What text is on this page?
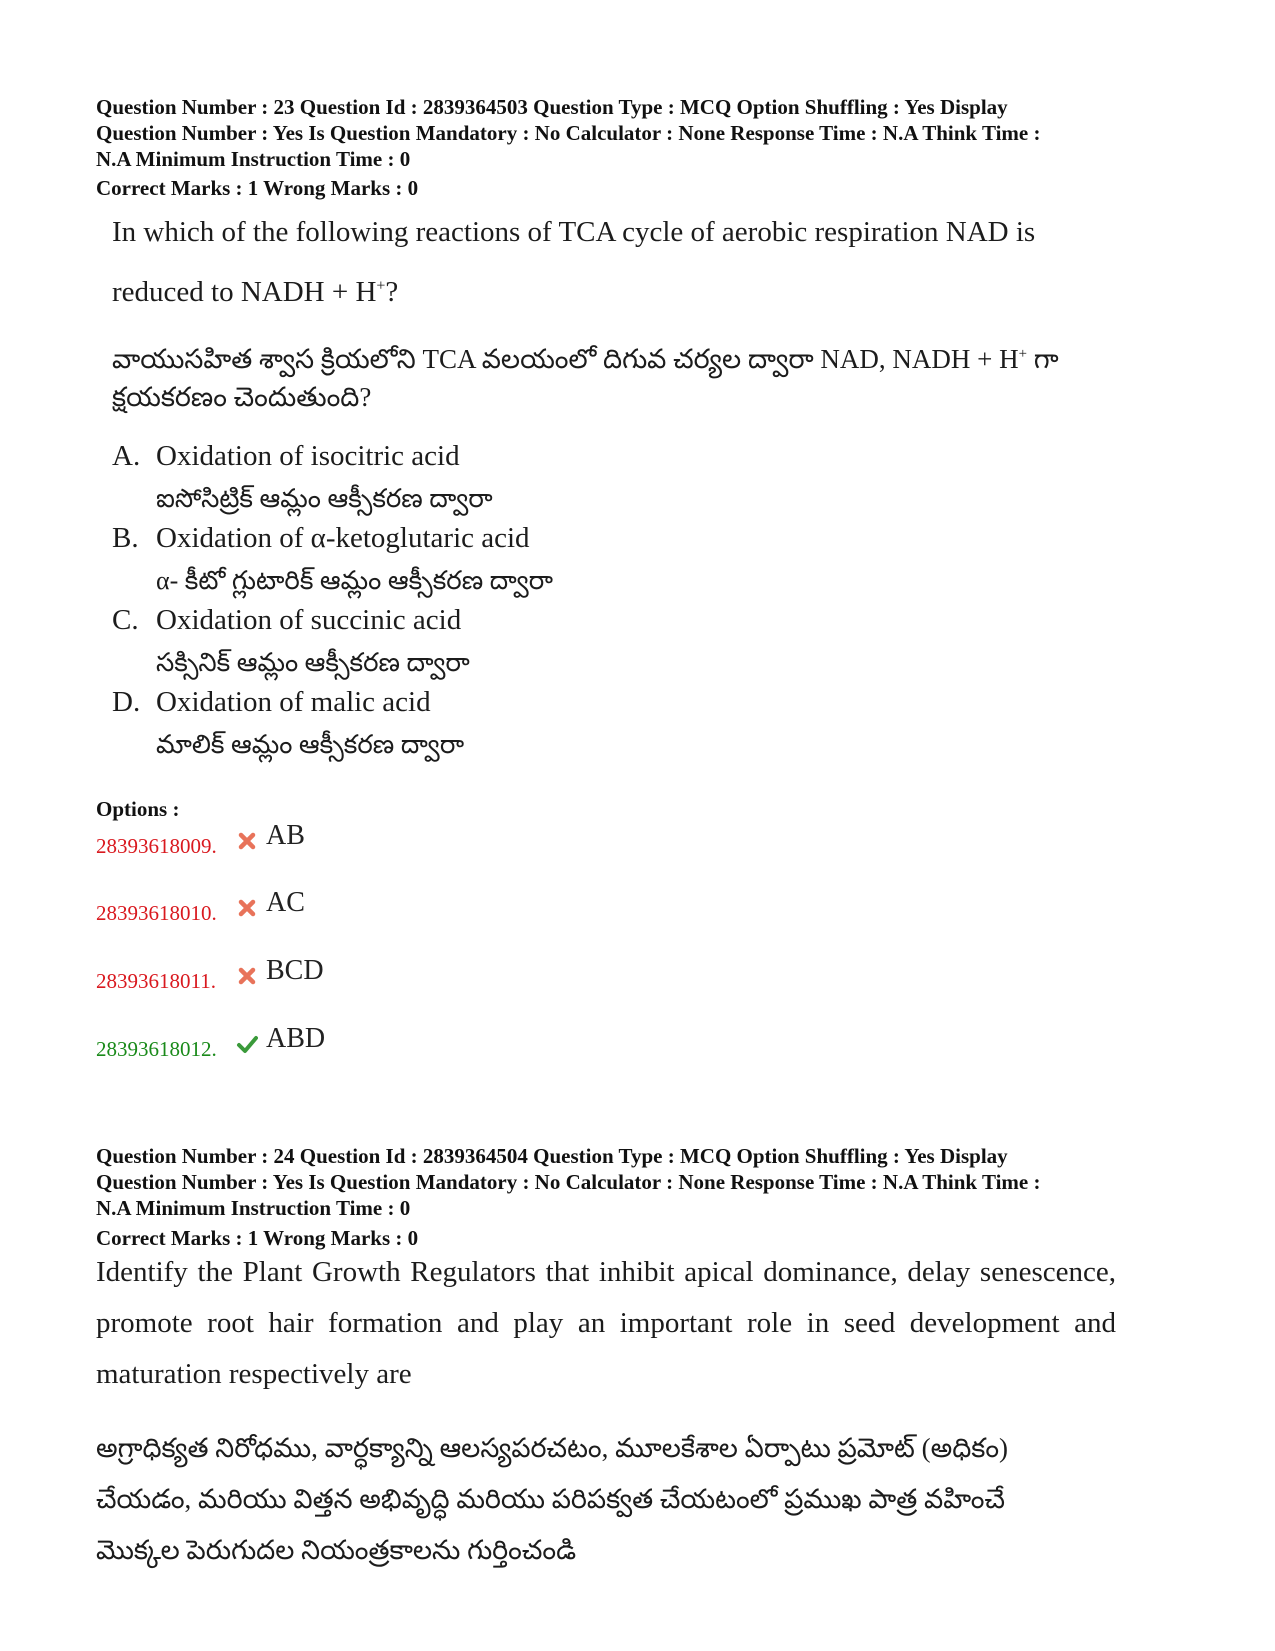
Question Number : 23 Question Id : 2839364503 Question Type : MCQ Option Shuffling : Yes Display
Question Number : Yes Is Question Mandatory : No Calculator : None Response Time : N.A Think Time :
N.A Minimum Instruction Time : 0
Correct Marks : 1 Wrong Marks : 0
In which of the following reactions of TCA cycle of aerobic respiration NAD is
reduced to NADH + H+?
వాయుసహిత శ్వాస క్రియలోని TCA వలయంలో దిగువ చర్యల ద్వారా NAD, NADH + H+ గా
క్షయకరణం చెందుతుంది?
A. Oxidation of isocitric acid
ఐసోసిట్రిక్ ఆమ్లం ఆక్సీకరణ ద్వారా
B. Oxidation of α-ketoglutaric acid
α- కీటో గ్లుటారిక్ ఆమ్లం ఆక్సీకరణ ద్వారా
C. Oxidation of succinic acid
సక్సినిక్ ఆమ్లం ఆక్సీకరణ ద్వారా
D. Oxidation of malic acid
మాలిక్ ఆమ్లం ఆక్సీకరణ ద్వారా
Options :
28393618009. AB
28393618010. AC
28393618011. BCD
28393618012. ABD
Question Number : 24 Question Id : 2839364504 Question Type : MCQ Option Shuffling : Yes Display
Question Number : Yes Is Question Mandatory : No Calculator : None Response Time : N.A Think Time :
N.A Minimum Instruction Time : 0
Correct Marks : 1 Wrong Marks : 0
Identify the Plant Growth Regulators that inhibit apical dominance, delay senescence,
promote root hair formation and play an important role in seed development and
maturation respectively are
అగ్రాధిక్యత నిరోధము, వార్ధక్యాన్ని ఆలస్యపరచటం, మూలకేశాల ఏర్పాటు ప్రమోట్ (అధికం)
చేయడం, మరియు విత్తన అభివృద్ధి మరియు పరిపక్వత చేయటంలో ప్రముఖ పాత్ర వహించే
మొక్కల పెరుగుదల నియంత్రకాలను గుర్తించండి
